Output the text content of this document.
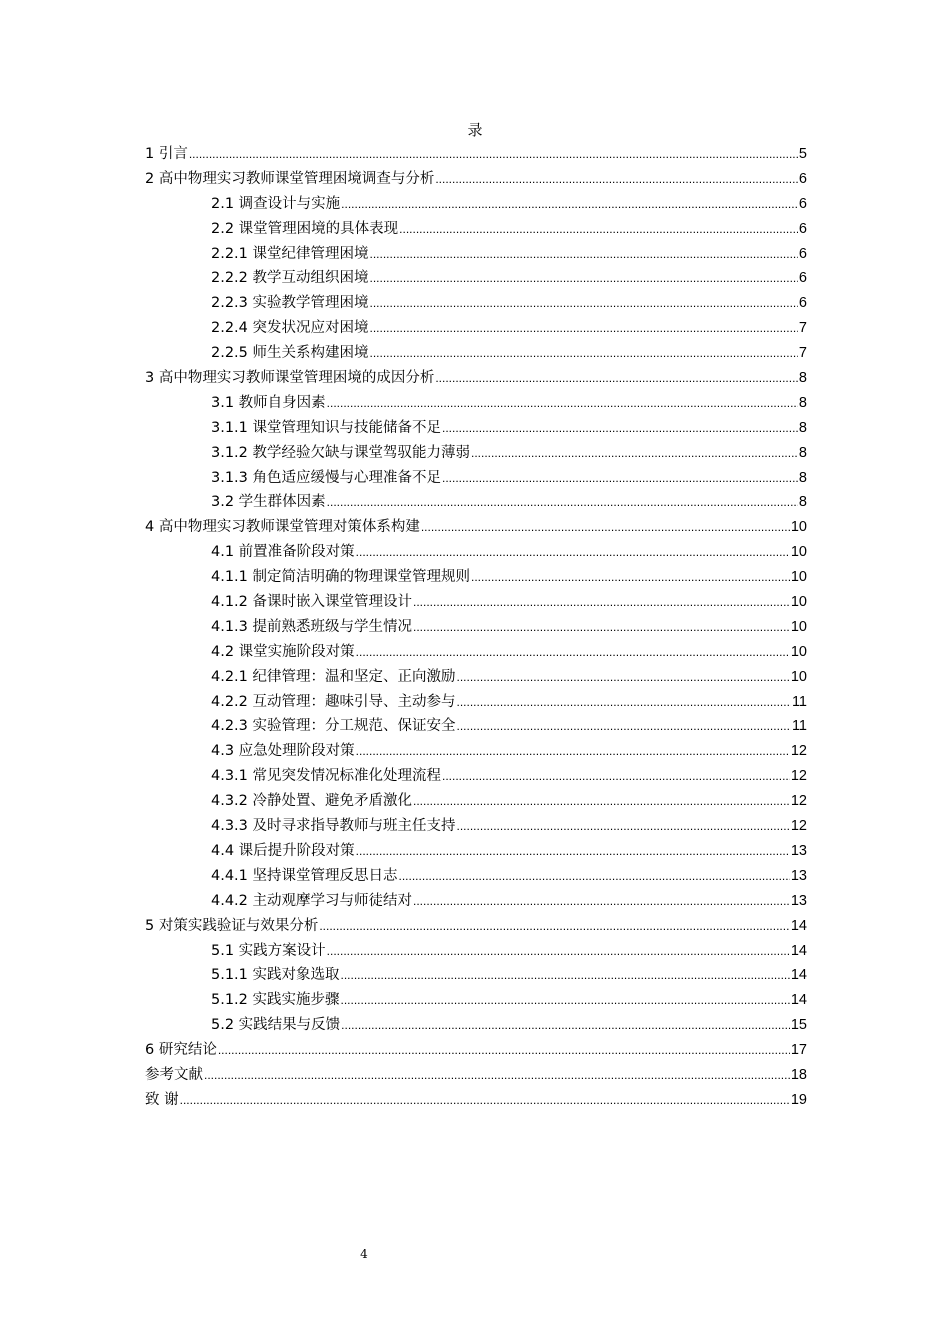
录
1 引言 .....	5
2 高中物理实习教师课堂管理困境调查与分析 .....	6
2.1 调查设计与实施 .....	6
2.2 课堂管理困境的具体表现 .....	6
2.2.1 课堂纪律管理困境 .....	6
2.2.2 教学互动组织困境 .....	6
2.2.3 实验教学管理困境 .....	6
2.2.4 突发状况应对困境 .....	7
2.2.5 师生关系构建困境 .....	7
3 高中物理实习教师课堂管理困境的成因分析 .....	8
3.1 教师自身因素 .....	8
3.1.1 课堂管理知识与技能储备不足 .....	8
3.1.2 教学经验欠缺与课堂驾驭能力薄弱 .....	8
3.1.3 角色适应缓慢与心理准备不足 .....	8
3.2 学生群体因素 .....	8
4 高中物理实习教师课堂管理对策体系构建 .....	10
4.1 前置准备阶段对策 .....	10
4.1.1 制定简洁明确的物理课堂管理规则 .....	10
4.1.2 备课时嵌入课堂管理设计 .....	10
4.1.3 提前熟悉班级与学生情况 .....	10
4.2 课堂实施阶段对策 .....	10
4.2.1 纪律管理：温和坚定、正向激励 .....	10
4.2.2 互动管理：趣味引导、主动参与 .....	11
4.2.3 实验管理：分工规范、保证安全 .....	11
4.3 应急处理阶段对策 .....	12
4.3.1 常见突发情况标准化处理流程 .....	12
4.3.2 冷静处置、避免矛盾激化 .....	12
4.3.3 及时寻求指导教师与班主任支持 .....	12
4.4 课后提升阶段对策 .....	13
4.4.1 坚持课堂管理反思日志 .....	13
4.4.2 主动观摩学习与师徒结对 .....	13
5 对策实践验证与效果分析 .....	14
5.1 实践方案设计 .....	14
5.1.1 实践对象选取 .....	14
5.1.2 实践实施步骤 .....	14
5.2 实践结果与反馈 .....	15
6 研究结论 .....	17
参考文献 .....	18
致 谢 .....	19
4
